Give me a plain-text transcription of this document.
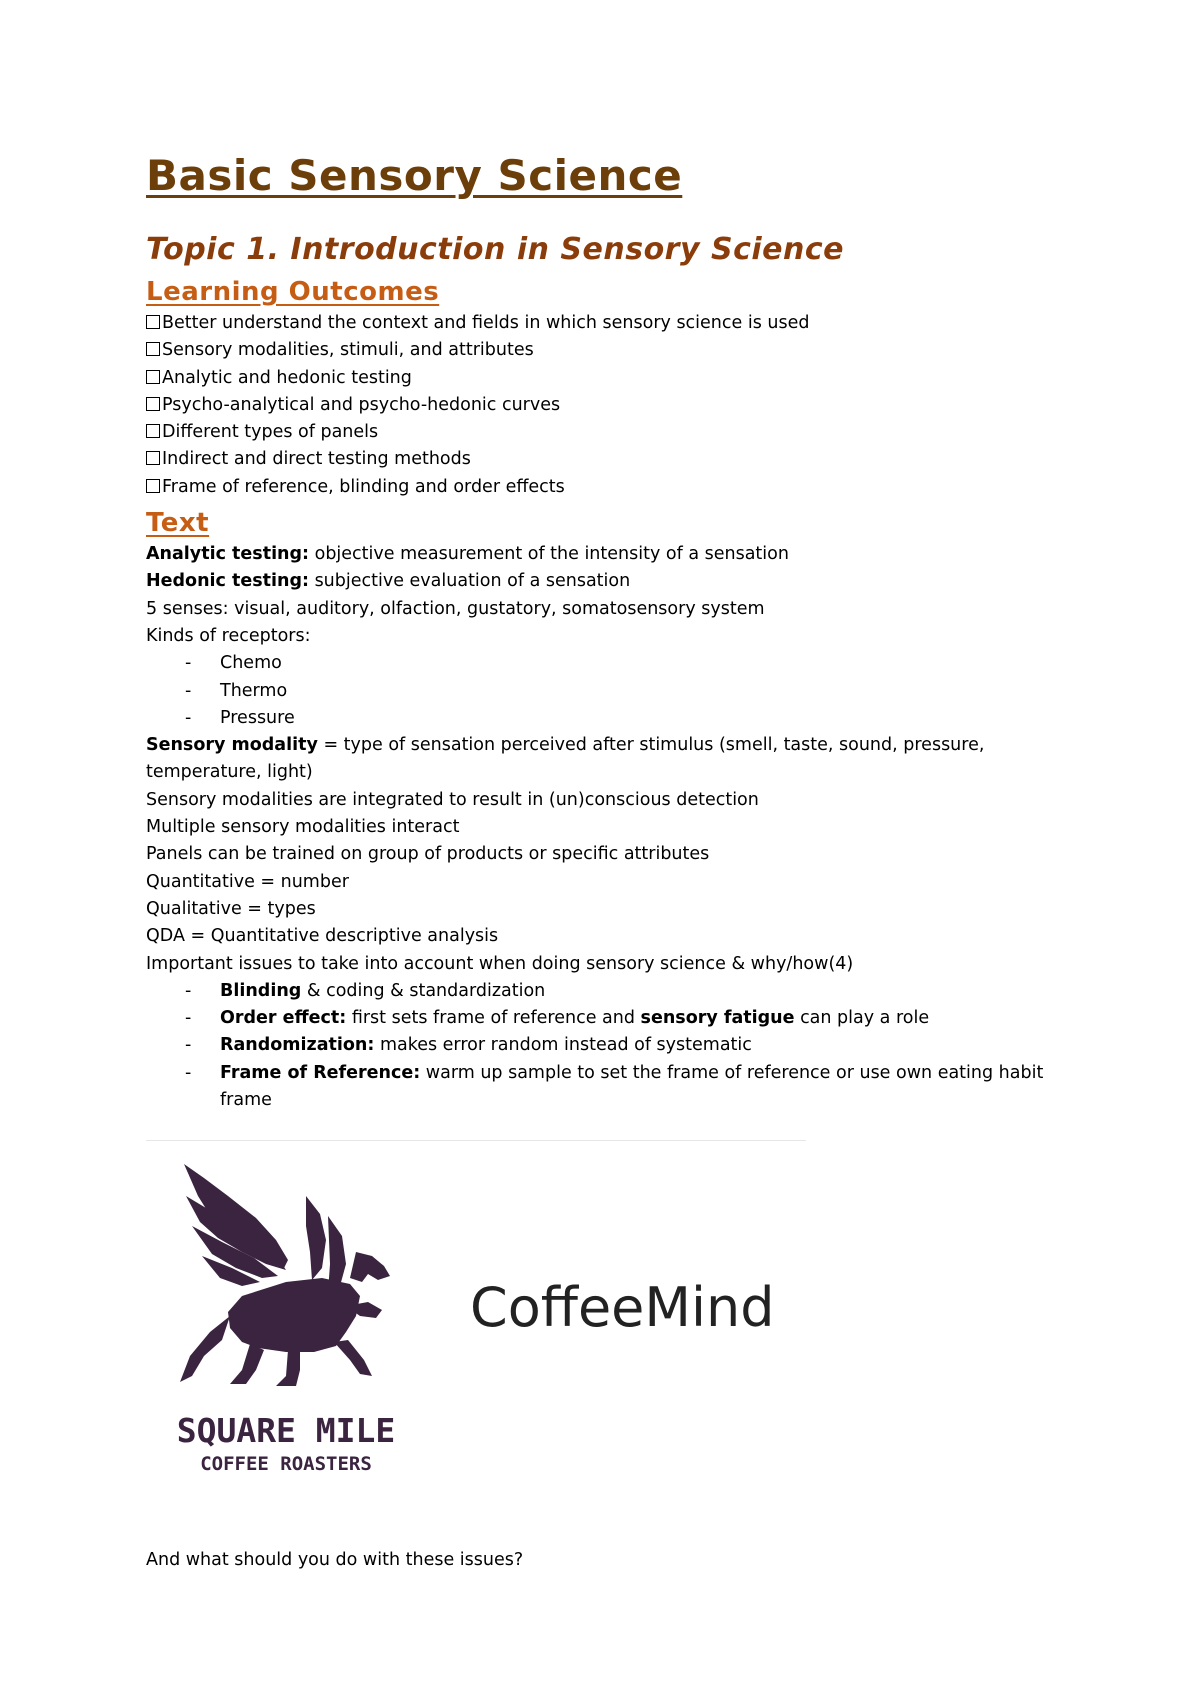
Basic Sensory Science
Topic 1. Introduction in Sensory Science
Learning Outcomes
Better understand the context and fields in which sensory science is used
Sensory modalities, stimuli, and attributes
Analytic and hedonic testing
Psycho-analytical and psycho-hedonic curves
Different types of panels
Indirect and direct testing methods
Frame of reference, blinding and order effects
Text
Analytic testing: objective measurement of the intensity of a sensation
Hedonic testing: subjective evaluation of a sensation
5 senses: visual, auditory, olfaction, gustatory, somatosensory system
Kinds of receptors:
- Chemo
- Thermo
- Pressure
Sensory modality = type of sensation perceived after stimulus (smell, taste, sound, pressure, temperature, light)
Sensory modalities are integrated to result in (un)conscious detection
Multiple sensory modalities interact
Panels can be trained on group of products or specific attributes
Quantitative = number
Qualitative = types
QDA = Quantitative descriptive analysis
Important issues to take into account when doing sensory science & why/how(4)
- Blinding & coding & standardization
- Order effect: first sets frame of reference and sensory fatigue can play a role
- Randomization: makes error random instead of systematic
- Frame of Reference: warm up sample to set the frame of reference or use own eating habit frame
SQUARE MILE
COFFEE ROASTERS
CoffeeMind
And what should you do with these issues?
